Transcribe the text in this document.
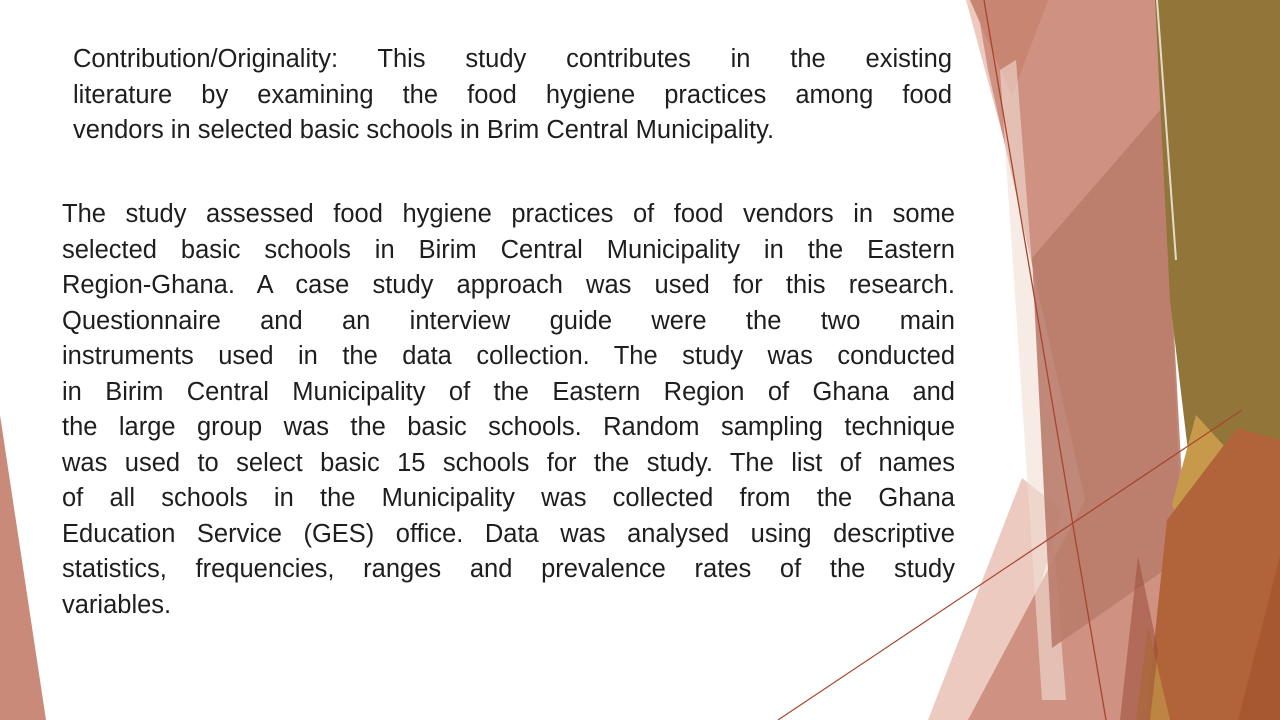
Contribution/Originality: This study contributes in the existing
literature by examining the food hygiene practices among food
vendors in selected basic schools in Brim Central Municipality.
The study assessed food hygiene practices of food vendors in some
selected basic schools in Birim Central Municipality in the Eastern
Region-Ghana. A case study approach was used for this research.
Questionnaire and an interview guide were the two main
instruments used in the data collection. The study was conducted
in Birim Central Municipality of the Eastern Region of Ghana and
the large group was the basic schools. Random sampling technique
was used to select basic 15 schools for the study. The list of names
of all schools in the Municipality was collected from the Ghana
Education Service (GES) office. Data was analysed using descriptive
statistics, frequencies, ranges and prevalence rates of the study
variables.
